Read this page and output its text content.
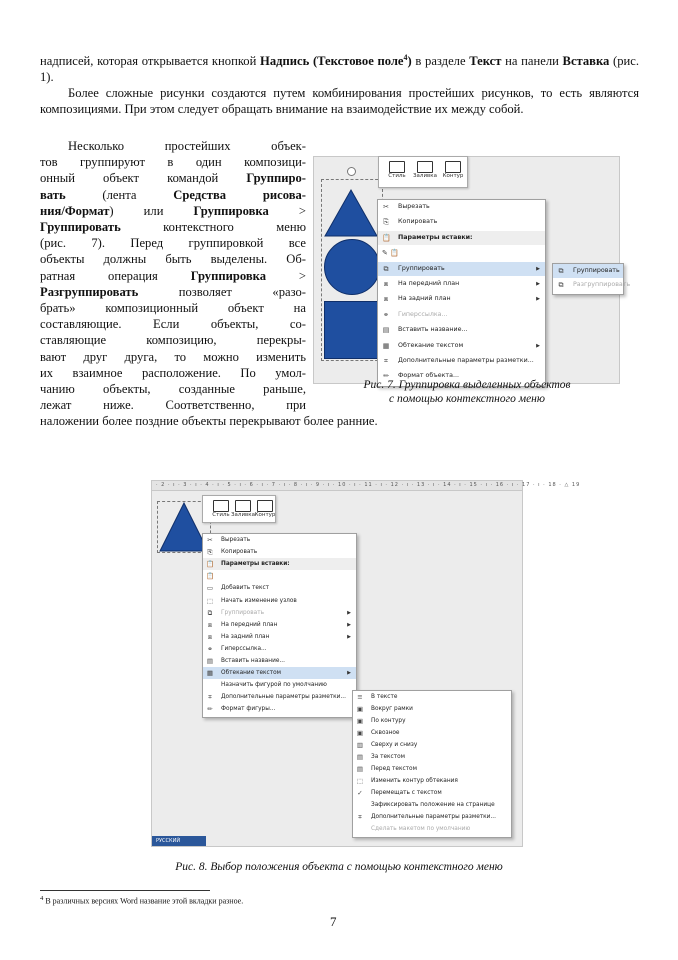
надписей, которая открывается кнопкой Надпись (Текстовое поле$^4$) в разделе Текст на панели Вставка (рис. 1).
Более сложные рисунки создаются путем комбинирования простейших рисунков, то есть являются композициями. При этом следует обращать внимание на взаимодействие их между собой.
Несколько простейших объек-
тов группируют в один композици-
онный объект командой Группиро-
вать (лента Средства рисова-
ния/Формат) или Группировка >
Группировать контекстного меню
(рис. 7). Перед группировкой все
объекты должны быть выделены. Об-
ратная операция Группировка >
Разгруппировать позволяет «разо-
брать» композиционный объект на
составляющие. Если объекты, со-
ставляющие композицию, перекры-
вают друг друга, то можно изменить
их взаимное расположение. По умол-
чанию объекты, созданные раньше,
лежат ниже. Соответственно, при
наложении более поздние объекты перекрывают более ранние.
Стиль	Заливка	Контур
✂ Вырезать
⎘ Копировать
📋 Параметры вставки:
✎ 📋
⧉ Группировать	▶
⧈ На передний план	▶
⧈ На задний план	▶
⚭ Гиперссылка...
▤ Вставить название...
▦ Обтекание текстом	▶
⌗	Дополнительные параметры разметки...
✏ Формат объекта...
⧉ Группировать
⧉ Разгруппировать
Рис. 7. Группировка выделенных объектов
с помощью контекстного меню
· 2 · ı · 3 · ı · 4 · ı · 5 · ı · 6 · ı · 7 · ı · 8 · ı · 9 · ı · 10 · ı · 11 · ı · 12 · ı · 13 · ı · 14 · ı · 15 · ı · 16 · ı · 17 · ı · 18 · △ 19
Стиль Заливка Контур
✂ Вырезать
⎘ Копировать
📋 Параметры вставки:
📋
▭ Добавить текст
⬚ Начать изменение узлов
⧉ Группировать	▶
⧈	На передний план	▶
⧈	На задний план	▶
⚭ Гиперссылка...
▤ Вставить название...
▦ Обтекание текстом	▶
Назначить фигурой по умолчанию
⌗	Дополнительные параметры разметки...
✏ Формат фигуры...
≡ В тексте
▣ Вокруг рамки
▣ По контуру
▣ Сквозное
▥ Сверху и снизу
▤ За текстом
▤ Перед текстом
⬚ Изменить контур обтекания
✓ Перемещать с текстом
Зафиксировать положение на странице
⌗	Дополнительные параметры разметки...
Сделать макетом по умолчанию
РУССКИЙ
Рис. 8. Выбор положения объекта с помощью контекстного меню
$^4$ В различных версиях Word название этой вкладки разное.
7
